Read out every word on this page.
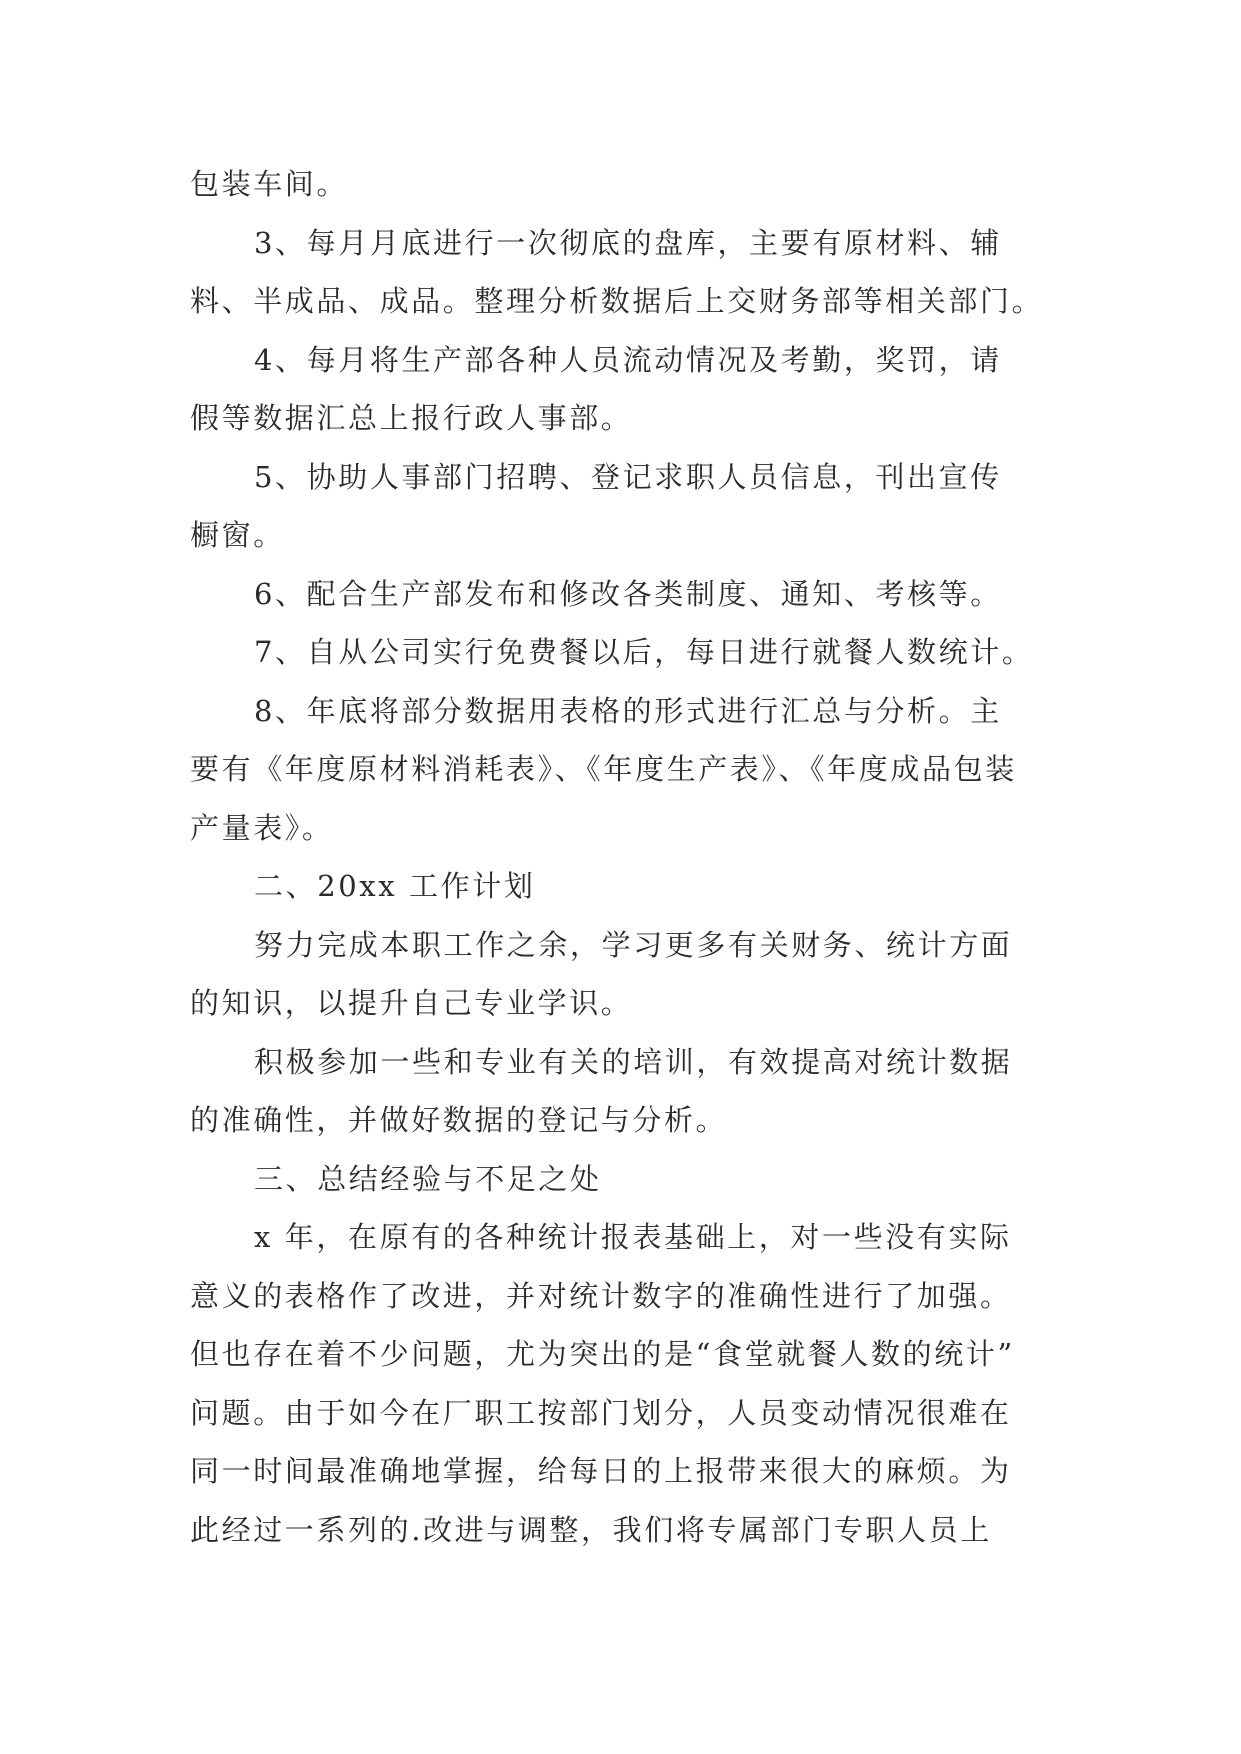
包装车间。
3、每月月底进行一次彻底的盘库，主要有原材料、辅
料、半成品、成品。整理分析数据后上交财务部等相关部门。
4、每月将生产部各种人员流动情况及考勤，奖罚，请
假等数据汇总上报行政人事部。
5、协助人事部门招聘、登记求职人员信息，刊出宣传
橱窗。
6、配合生产部发布和修改各类制度、通知、考核等。
7、自从公司实行免费餐以后，每日进行就餐人数统计。
8、年底将部分数据用表格的形式进行汇总与分析。主
要有《年度原材料消耗表》、《年度生产表》、《年度成品包装
产量表》。
二、20xx 工作计划
努力完成本职工作之余，学习更多有关财务、统计方面
的知识，以提升自己专业学识。
积极参加一些和专业有关的培训，有效提高对统计数据
的准确性，并做好数据的登记与分析。
三、总结经验与不足之处
x 年，在原有的各种统计报表基础上，对一些没有实际
意义的表格作了改进，并对统计数字的准确性进行了加强。
但也存在着不少问题，尤为突出的是“食堂就餐人数的统计”
问题。由于如今在厂职工按部门划分，人员变动情况很难在
同一时间最准确地掌握，给每日的上报带来很大的麻烦。为
此经过一系列的.改进与调整，我们将专属部门专职人员上
